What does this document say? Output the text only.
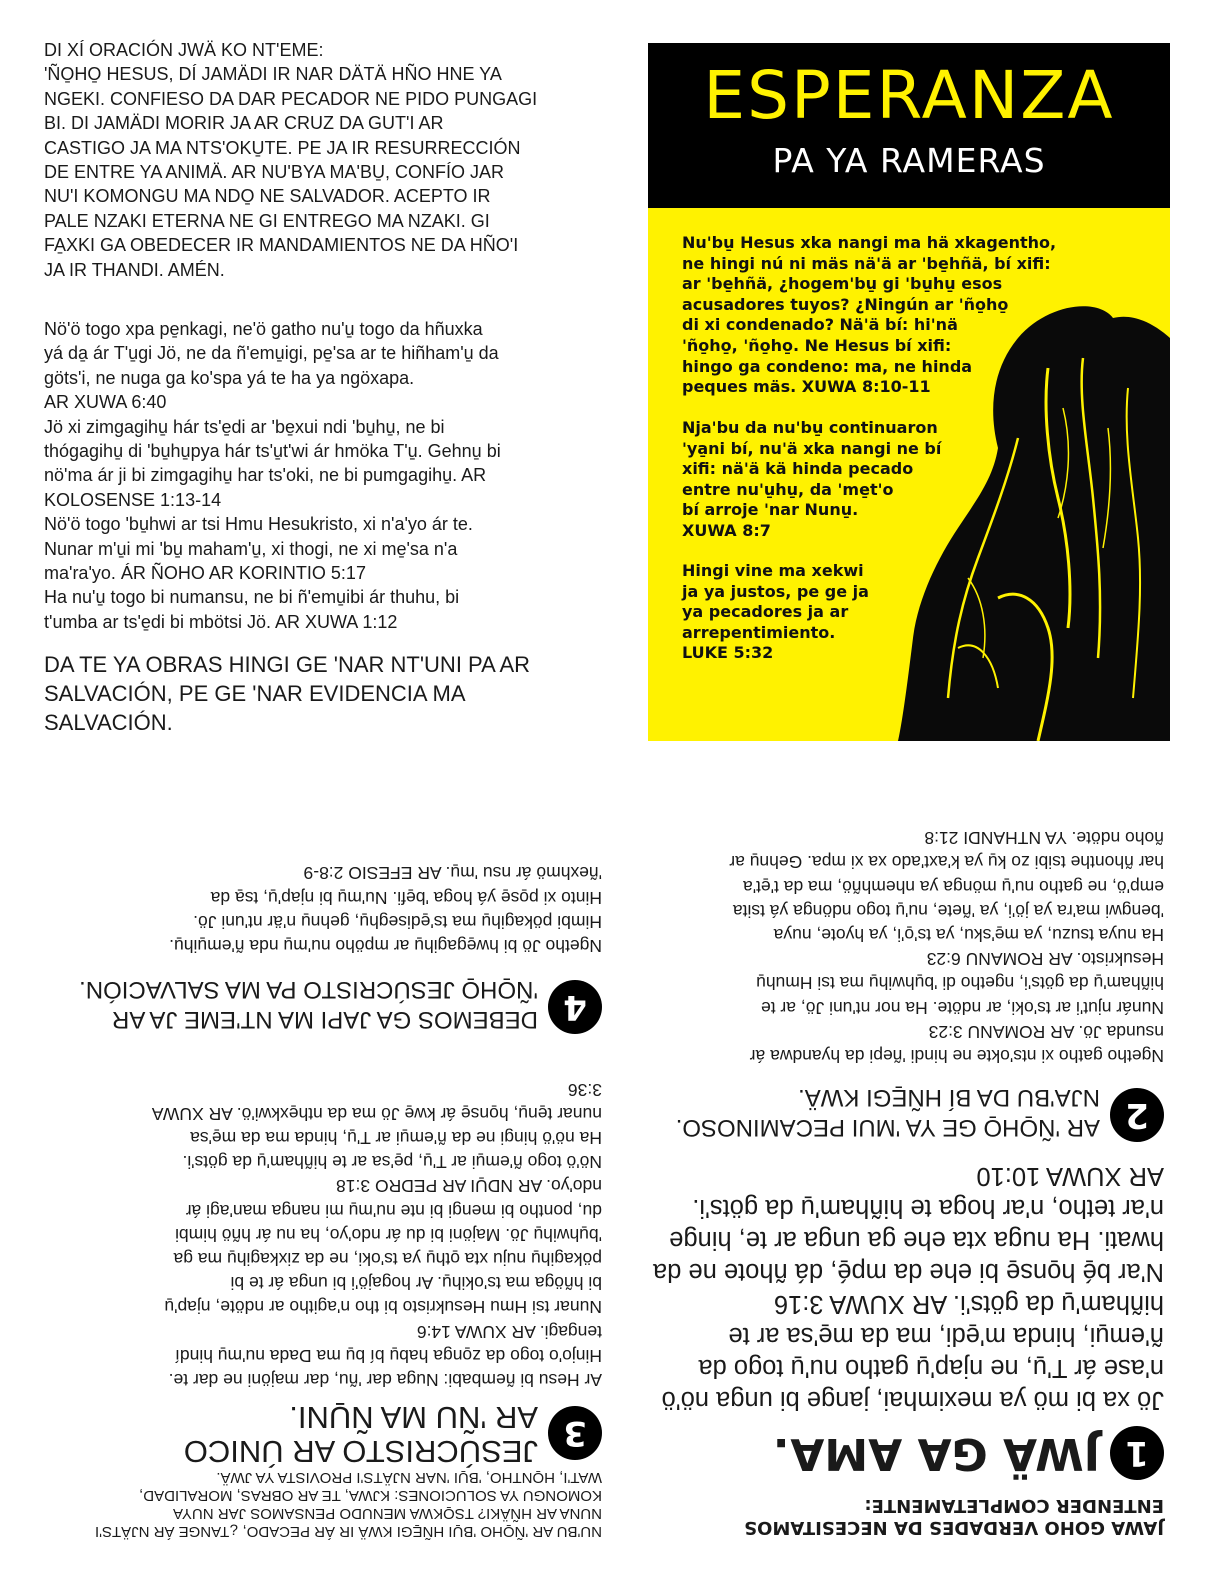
DI XÍ ORACIÓN JWÄ KO NT'EME:
'ÑO̱HO̱ HESUS, DÍ JAMÄDI IR NAR DÄTÄ HÑO HNE YA
NGEKI. CONFIESO DA DAR PECADOR NE PIDO PUNGAGI
BI. DI JAMÄDI MORIR JA AR CRUZ DA GUT'I AR
CASTIGO JA MA NTS'OKU̱TE. PE JA IR RESURRECCIÓN
DE ENTRE YA ANIMÄ. AR NU'BYA MA'BU̱, CONFÍO JAR
NU'I KOMONGU MA NDO̱ NE SALVADOR. ACEPTO IR
PALE NZAKI ETERNA NE GI ENTREGO MA NZAKI. GI
FA̱XKI GA OBEDECER IR MANDAMIENTOS NE DA HÑO'I
JA IR THANDI. AMÉN.
Nö'ö togo xpa pe̱nkagi, ne'ö gatho nu'u̱ togo da hñuxka
yá da̱ ár T'u̱gi Jö, ne da ñ'emu̱igi, pe̱'sa ar te hiñham'u̱ da
göts'i, ne nuga ga ko'spa yá te ha ya ngöxapa.
AR XUWA 6:40
Jö xi zimgagihu̱ hár ts'e̱di ar 'be̱xui ndi 'bu̱hu̱, ne bi
thógagihu̱ di 'bu̱hu̱pya hár ts'u̱t'wi ár hmöka T'u̱. Gehnu̱ bi
nö'ma ár ji bi zimgagihu̱ har ts'oki, ne bi pumgagihu̱. AR
KOLOSENSE 1:13-14
Nö'ö togo 'bu̱hwi ar tsi Hmu Hesukristo, xi n'a'yo ár te.
Nunar m'u̱i mi 'bu̱ maham'u̱, xi thogi, ne xi me̱'sa n'a
ma'ra'yo. ÁR ÑOHO AR KORINTIO 5:17
Ha nu'u̱ togo bi numansu, ne bi ñ'emu̱ibi ár thuhu, bi
t'umba ar ts'e̱di bi mbötsi Jö. AR XUWA 1:12
DA TE YA OBRAS HINGI GE 'NAR NT'UNI PA AR
SALVACIÓN, PE GE 'NAR EVIDENCIA MA
SALVACIÓN.
ESPERANZA
PA YA RAMERAS
Nu'bu̱ Hesus xka nangi ma hä xkagentho,
ne hingi nú ni mäs nä'ä ar 'be̱hñä, bí xifi:
ar 'be̱hñä, ¿hogem'bu̱ gi 'bu̱hu̱ esos
acusadores tuyos? ¿Ningún ar 'ño̱ho̱
di xi condenado? Nä'ä bí: hi'nä
'ño̱ho̱, 'ño̱ho̱. Ne Hesus bí xifi:
hingo ga condeno: ma, ne hinda
peques mäs. XUWA 8:10-11
Nja'bu da nu'bu̱ continuaron
'ya̱ni bí, nu'ä xka nangi ne bí
xifi: nä'ä kä hinda pecado
entre nu'u̱hu̱, da 'me̱t'o
bí arroje 'nar Nunu̱.
XUWA 8:7
Hingi vine ma xekwi
ja ya justos, pe ge ja
ya pecadores ja ar
arrepentimiento.
LUKE 5:32
JAWA GOHO VERDADES DA NECESITAMOS
ENTENDER COMPLETAMENTE:
1
JWÄ GA AMA.
Jö xa bi mö ya meximhai, jange bi unga nö'ö
n'ase ár T'u̱, ne njap'u̱ gatho nu'u̱ togo da
ñ'emu̱i, hinda m'e̱di, ma da me̱'sa ar te
hiñham'u̱ da göts'i. AR XUWA 3:16
N'ar bé̱ ho̱nse̱ bi ehe da mpé̱, dá ñhote ne da
hwati. Ha nuga xta ehe ga unga ar te, hinge
n'ar tetho, n'ar hoga te hiñham'u̱ da göts'i.
AR XUWA 10:10
2
AR 'ÑO̱HO̱ GE YA 'MUI PECAMINOSO.
NJA'BU DA BÍ HÑE̱GI KWÄ.
Ngetho gatho xi nts'okte ne hindi 'ñepi da hyandwa ár
nsunda Jö. AR ROMANU 3:23
Nunár njut'i ar ts'oki, ar ndöte. Ha nor nt'uni Jö, ar te
hiñham'u̱ da göts'i, ngetho di 'bu̱hwihu̱ ma tsi Hmuhu̱
Hesukristo. AR ROMANU 6:23
Ha nuya tsuzu, ya me̱'sku, ya ts'o̱'i, ya hyote, nuya
'bengwi ma'ra ya jö'i, ya 'ñete, nu'u̱ togo ndönga yá tsita
emp'ö, ne gatho nu'u̱ mönga ya nhemhñö, ma da t'e̱t'a
har ñhonthe tsibi zo ku̱ ya k'axt'ado xa xi mpa. Gehnu̱ ar
ñoho ndöte. YA NTHANDI 21:8
NU'BU AR 'ÑO̱HO 'BU̱I HÑE̱GI KWÄ IR ÁR PECADO, ¿TANGE ÁR NJÄTS'I
NUNA AR HÑÄKI? TSO̱KWA MENUDO PENSAMOS JAR NUYA
KOMONGU YA SOLUCIONES: KJWA, TE AR OBRAS, MORALIDAD,
WAT'I, HO̱NTHO, 'BU̱I 'NAR NJÄTS'I PROVISTA YA JWÄ.
3
JESÚCRISTO AR ÚNICO
AR 'ÑU MA ÑU̱NI.
Ar Hesu bi ñembabi: Nuga dar 'ñu, dar majöni ne dar te.
Hinjo'o togo da zo̱nga habu̱ bí bu̱ ma Dada nu'mu̱ hindí
tengagi. AR XUWA 14:6
Nunar tsi Hmu Hesukristo bi tho n'agitho ar ndöte, njap'u̱
bi hñöga ma ts'okihu̱. Ar hogajö'i bi unga ár te bi
pökagihu̱ nuju xta o̱thu̱ ya ts'oki, ne da zixkagihu̱ ma ga
'bu̱hwihu̱ Jö. Majöni bi du ár ndo'yo, ha nu ár hñö himbi
du, pontho bi mengi bi nte nu'mu̱ mi nanga man'agi ár
ndo'yo. AR NDU̱I AR PEDRO 3:18
Nö'ö togo ñ'emu̱i ar T'u̱, pe̱'sa ar te hiñham'u̱ da göts'i.
Ha nö'ö hingi ne da ñ'emu̱i ar T'u̱, hinda ma da me̱'sa
nunar te̱nu̱, ho̱nse̱ ár kwe̱ Jö ma da nthe̱xkwi'ö. AR XUWA
3:36
4
DEBEMOS GA JAPI MA NT'EME JA AR
'ÑO̱HO̱ JESÚCRISTO PA MA SALVACIÓN.
Ngetho Jö bi hwe̱gagihu̱ ar mpöho nu'mu̱ nda ñ'emu̱ihu̱.
Himbi pökagihu̱ ma ts'e̱diseghu̱, gehnu̱ n'är nt'uni Jö.
Hinto xi po̱se̱ yá hoga 'be̱fi. Nu'mu̱ bi njap'u̱, tsa̱ da
'ñexhmö ár nsu 'mu̱. AR EFESIO 2:8-9
